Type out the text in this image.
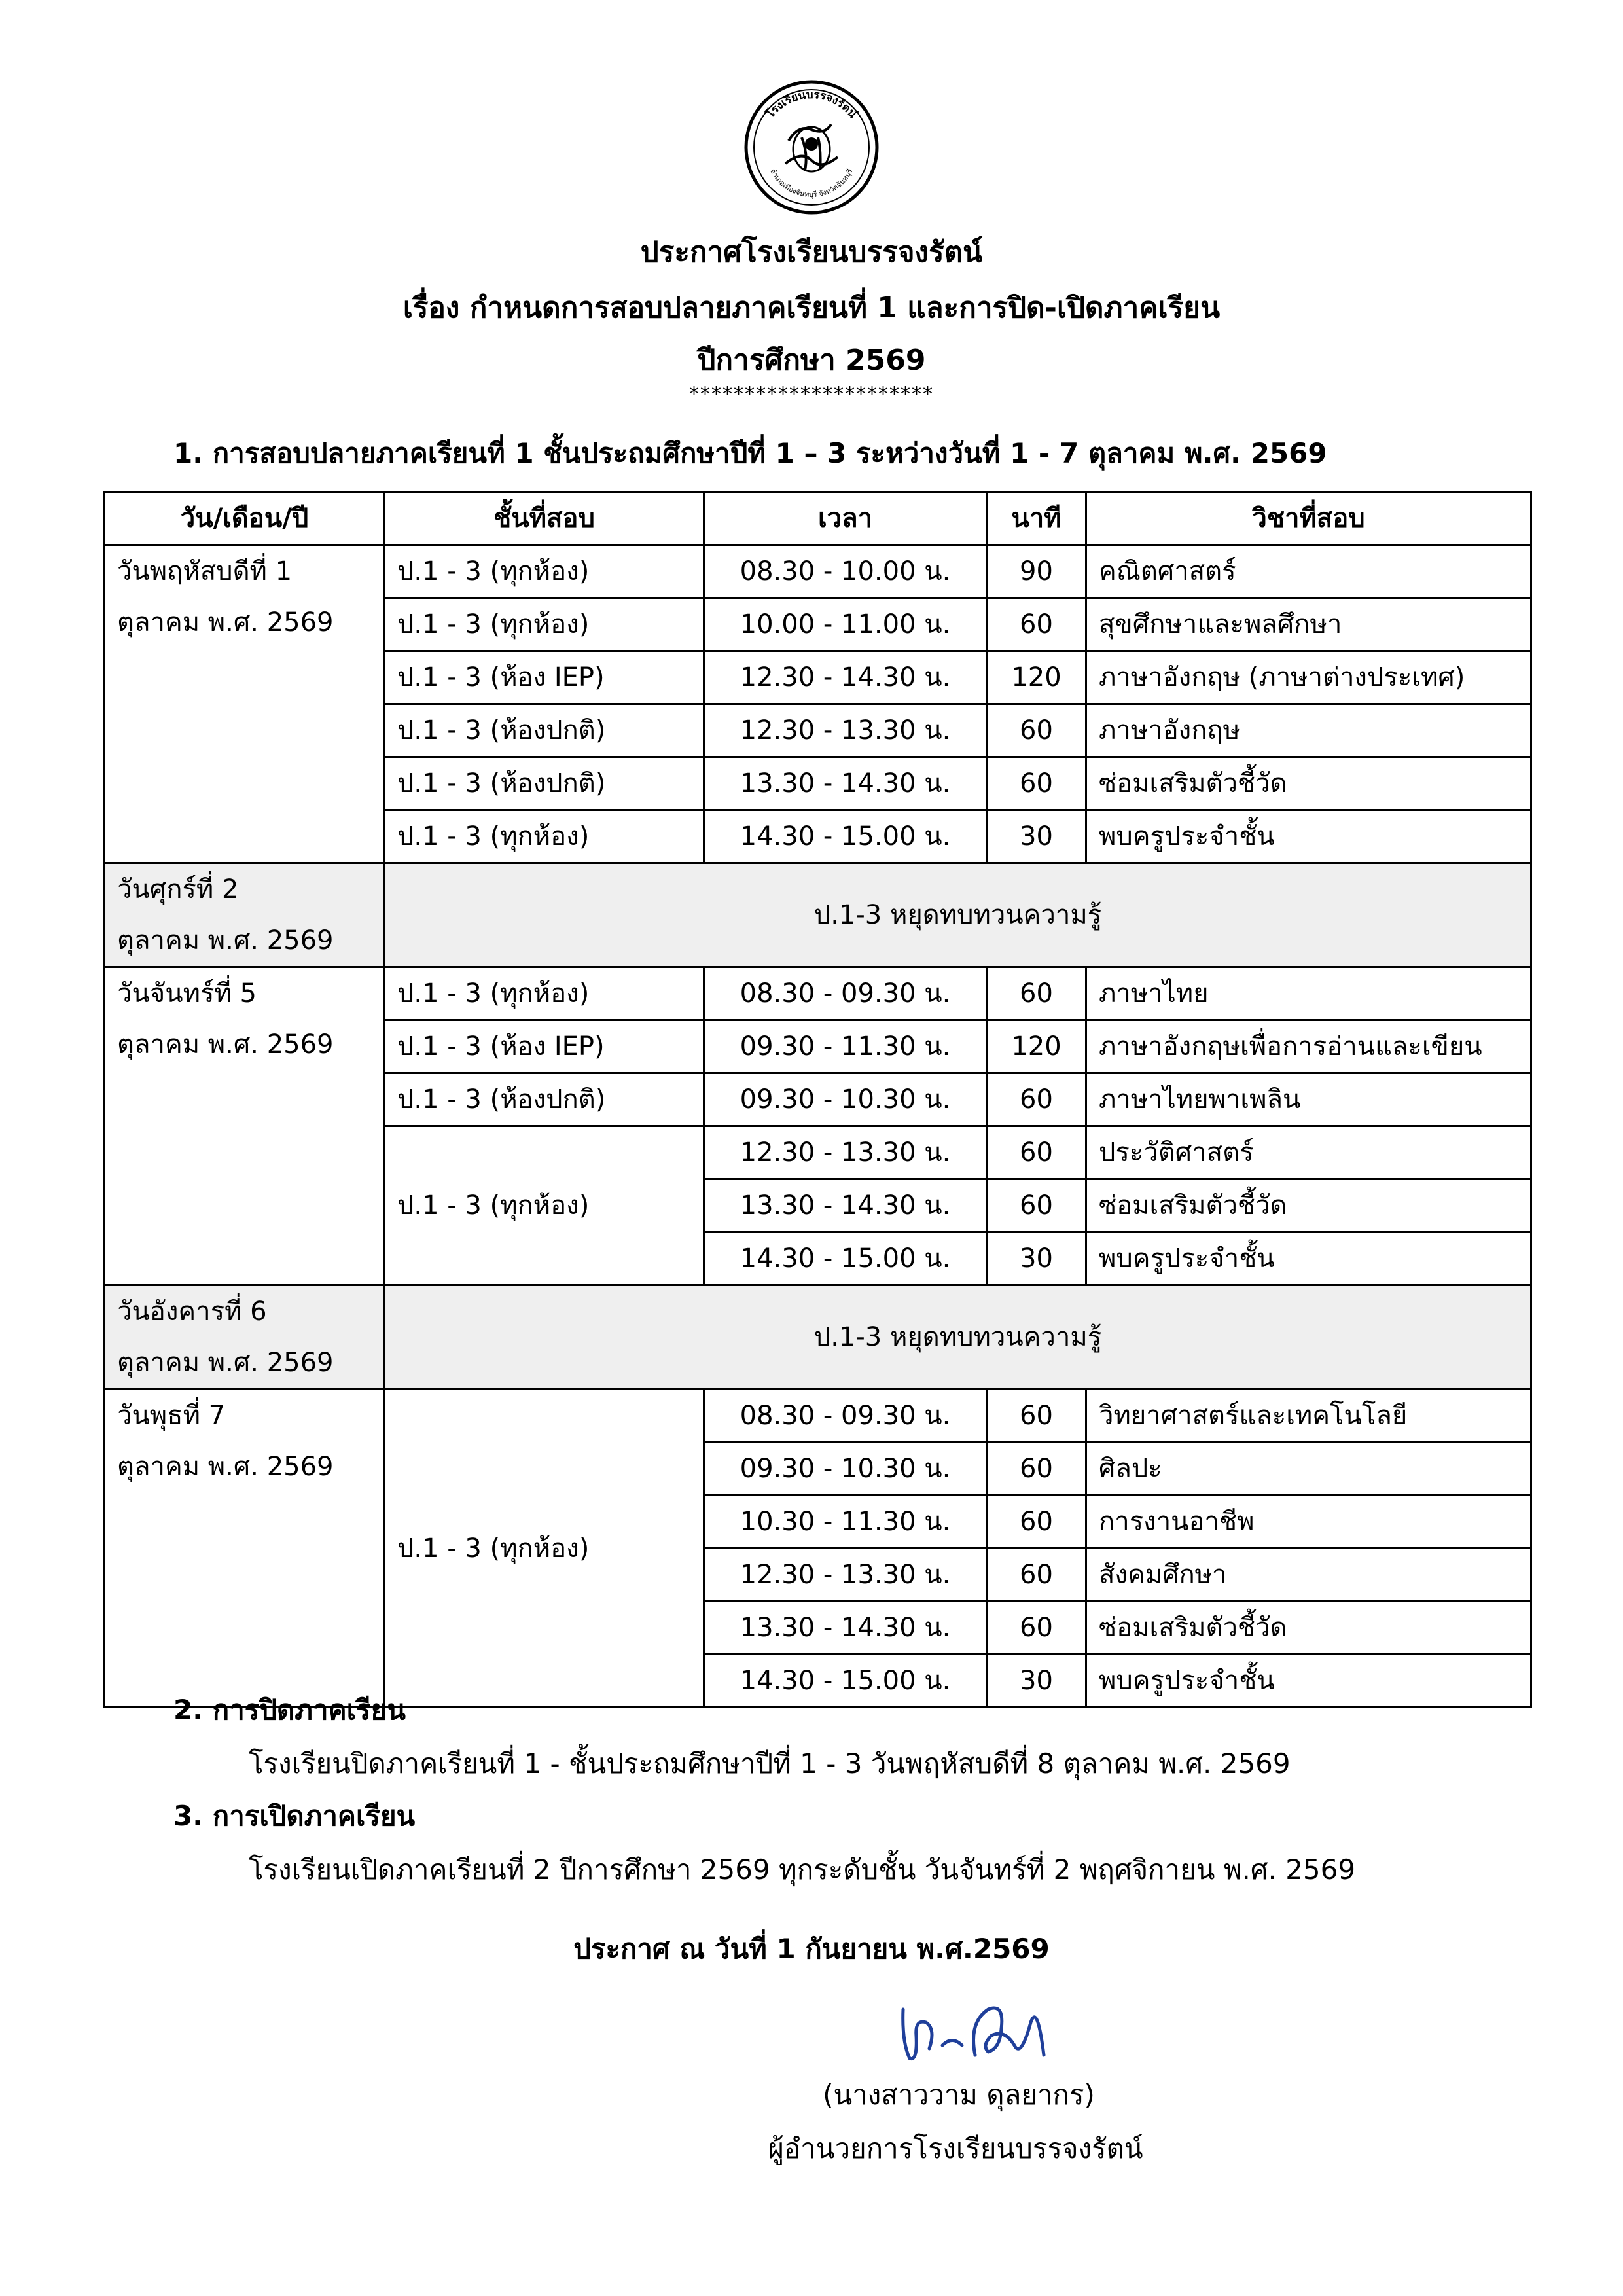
โรงเรียนบรรจงรัตน์
อำเภอเมืองจันทบุรี จังหวัดจันทบุรี
ประกาศโรงเรียนบรรจงรัตน์
เรื่อง กำหนดการสอบปลายภาคเรียนที่ 1 และการปิด-เปิดภาคเรียน
ปีการศึกษา 2569
**********************
1. การสอบปลายภาคเรียนที่ 1 ชั้นประถมศึกษาปีที่ 1 – 3 ระหว่างวันที่ 1 - 7 ตุลาคม พ.ศ. 2569
วัน/เดือน/ปี	ชั้นที่สอบ	เวลา	นาที	วิชาที่สอบ

วันพฤหัสบดีที่ 1
ตุลาคม พ.ศ. 2569	ป.1 - 3 (ทุกห้อง)	08.30 - 10.00 น.	90	คณิตศาสตร์
	ป.1 - 3 (ทุกห้อง)	10.00 - 11.00 น.	60	สุขศึกษาและพลศึกษา
	ป.1 - 3 (ห้อง IEP)	12.30 - 14.30 น.	120	ภาษาอังกฤษ (ภาษาต่างประเทศ)
	ป.1 - 3 (ห้องปกติ)	12.30 - 13.30 น.	60	ภาษาอังกฤษ
	ป.1 - 3 (ห้องปกติ)	13.30 - 14.30 น.	60	ซ่อมเสริมตัวชี้วัด
	ป.1 - 3 (ทุกห้อง)	14.30 - 15.00 น.	30	พบครูประจำชั้น

วันศุกร์ที่ 2
ตุลาคม พ.ศ. 2569	ป.1-3 หยุดทบทวนความรู้			

วันจันทร์ที่ 5
ตุลาคม พ.ศ. 2569	ป.1 - 3 (ทุกห้อง)	08.30 - 09.30 น.	60	ภาษาไทย
	ป.1 - 3 (ห้อง IEP)	09.30 - 11.30 น.	120	ภาษาอังกฤษเพื่อการอ่านและเขียน
	ป.1 - 3 (ห้องปกติ)	09.30 - 10.30 น.	60	ภาษาไทยพาเพลิน
	ป.1 - 3 (ทุกห้อง)	12.30 - 13.30 น.	60	ประวัติศาสตร์
		13.30 - 14.30 น.	60	ซ่อมเสริมตัวชี้วัด
		14.30 - 15.00 น.	30	พบครูประจำชั้น

วันอังคารที่ 6
ตุลาคม พ.ศ. 2569	ป.1-3 หยุดทบทวนความรู้			

วันพุธที่ 7
ตุลาคม พ.ศ. 2569	ป.1 - 3 (ทุกห้อง)	08.30 - 09.30 น.	60	วิทยาศาสตร์และเทคโนโลยี
		09.30 - 10.30 น.	60	ศิลปะ
		10.30 - 11.30 น.	60	การงานอาชีพ
		12.30 - 13.30 น.	60	สังคมศึกษา
		13.30 - 14.30 น.	60	ซ่อมเสริมตัวชี้วัด
		14.30 - 15.00 น.	30	พบครูประจำชั้น
2. การปิดภาคเรียน
โรงเรียนปิดภาคเรียนที่ 1 - ชั้นประถมศึกษาปีที่ 1 - 3 วันพฤหัสบดีที่ 8 ตุลาคม พ.ศ. 2569
3. การเปิดภาคเรียน
โรงเรียนเปิดภาคเรียนที่ 2 ปีการศึกษา 2569 ทุกระดับชั้น วันจันทร์ที่ 2 พฤศจิกายน พ.ศ. 2569
ประกาศ ณ วันที่ 1 กันยายน พ.ศ.2569
(นางสาววาม ดุลยากร)
ผู้อำนวยการโรงเรียนบรรจงรัตน์
